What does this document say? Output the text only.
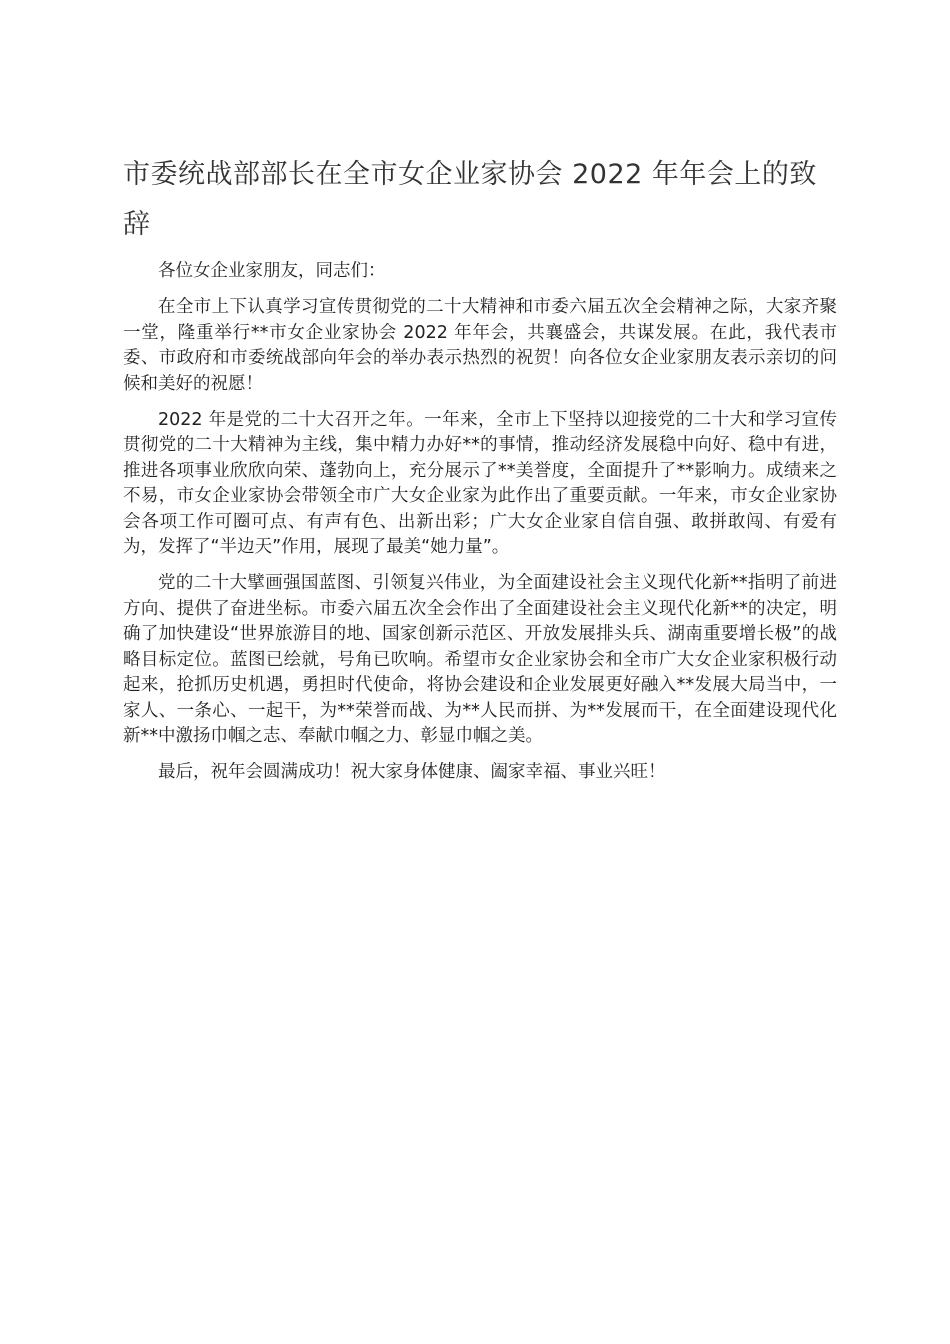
市委统战部部长在全市女企业家协会 2022 年年会上的致辞

各位女企业家朋友，同志们：

在全市上下认真学习宣传贯彻党的二十大精神和市委六届五次全会精神之际，大家齐聚一堂，隆重举行**市女企业家协会 2022 年年会，共襄盛会，共谋发展。在此，我代表市委、市政府和市委统战部向年会的举办表示热烈的祝贺！向各位女企业家朋友表示亲切的问候和美好的祝愿！

2022 年是党的二十大召开之年。一年来，全市上下坚持以迎接党的二十大和学习宣传贯彻党的二十大精神为主线，集中精力办好**的事情，推动经济发展稳中向好、稳中有进，推进各项事业欣欣向荣、蓬勃向上，充分展示了**美誉度，全面提升了**影响力。成绩来之不易，市女企业家协会带领全市广大女企业家为此作出了重要贡献。一年来，市女企业家协会各项工作可圈可点、有声有色、出新出彩；广大女企业家自信自强、敢拼敢闯、有爱有为，发挥了“半边天”作用，展现了最美“她力量”。

党的二十大擘画强国蓝图、引领复兴伟业，为全面建设社会主义现代化新**指明了前进方向、提供了奋进坐标。市委六届五次全会作出了全面建设社会主义现代化新**的决定，明确了加快建设“世界旅游目的地、国家创新示范区、开放发展排头兵、湖南重要增长极”的战略目标定位。蓝图已绘就，号角已吹响。希望市女企业家协会和全市广大女企业家积极行动起来，抢抓历史机遇，勇担时代使命，将协会建设和企业发展更好融入**发展大局当中，一家人、一条心、一起干，为**荣誉而战、为**人民而拼、为**发展而干，在全面建设现代化新**中激扬巾帼之志、奉献巾帼之力、彰显巾帼之美。

最后，祝年会圆满成功！祝大家身体健康、阖家幸福、事业兴旺！
